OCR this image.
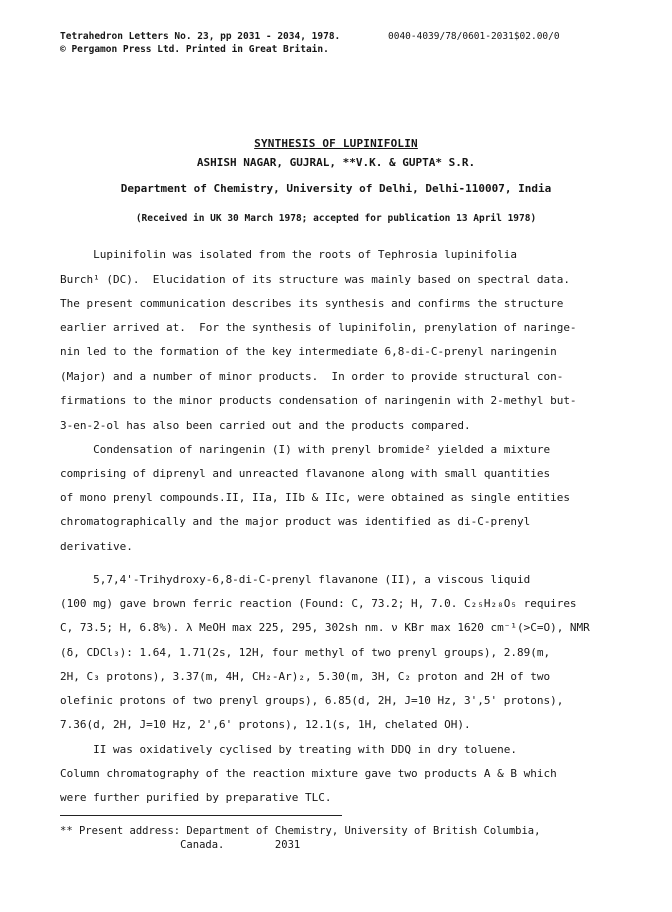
Tetrahedron Letters No. 23, pp 2031 - 2034, 1978.
© Pergamon Press Ltd. Printed in Great Britain.
0040-4039/78/0601-2031$02.00/0
SYNTHESIS OF LUPINIFOLIN
ASHISH NAGAR, GUJRAL, **V.K. & GUPTA* S.R.
Department of Chemistry, University of Delhi, Delhi-110007, India
(Received in UK 30 March 1978; accepted for publication 13 April 1978)
Lupinifolin was isolated from the roots of Tephrosia lupinifolia
Burch¹ (DC).  Elucidation of its structure was mainly based on spectral data.
The present communication describes its synthesis and confirms the structure
earlier arrived at.  For the synthesis of lupinifolin, prenylation of naringe-
nin led to the formation of the key intermediate 6,8-di-C-prenyl naringenin
(Major) and a number of minor products.  In order to provide structural con-
firmations to the minor products condensation of naringenin with 2-methyl but-
3-en-2-ol has also been carried out and the products compared.
Condensation of naringenin (I) with prenyl bromide² yielded a mixture
comprising of diprenyl and unreacted flavanone along with small quantities
of mono prenyl compounds.II, IIa, IIb & IIc, were obtained as single entities
chromatographically and the major product was identified as di-C-prenyl
derivative.
5,7,4'-Trihydroxy-6,8-di-C-prenyl flavanone (II), a viscous liquid
(100 mg) gave brown ferric reaction (Found: C, 73.2; H, 7.0. C₂₅H₂₈O₅ requires
C, 73.5; H, 6.8%). λ MeOH max 225, 295, 302sh nm. ν KBr max 1620 cm⁻¹(>C=O), NMR
(δ, CDCl₃): 1.64, 1.71(2s, 12H, four methyl of two prenyl groups), 2.89(m,
2H, C₃ protons), 3.37(m, 4H, CH₂-Ar)₂, 5.30(m, 3H, C₂ proton and 2H of two
olefinic protons of two prenyl groups), 6.85(d, 2H, J=10 Hz, 3',5' protons),
7.36(d, 2H, J=10 Hz, 2',6' protons), 12.1(s, 1H, chelated OH).
II was oxidatively cyclised by treating with DDQ in dry toluene.
Column chromatography of the reaction mixture gave two products A & B which
were further purified by preparative TLC.
** Present address: Department of Chemistry, University of British Columbia,
Canada.        2031
